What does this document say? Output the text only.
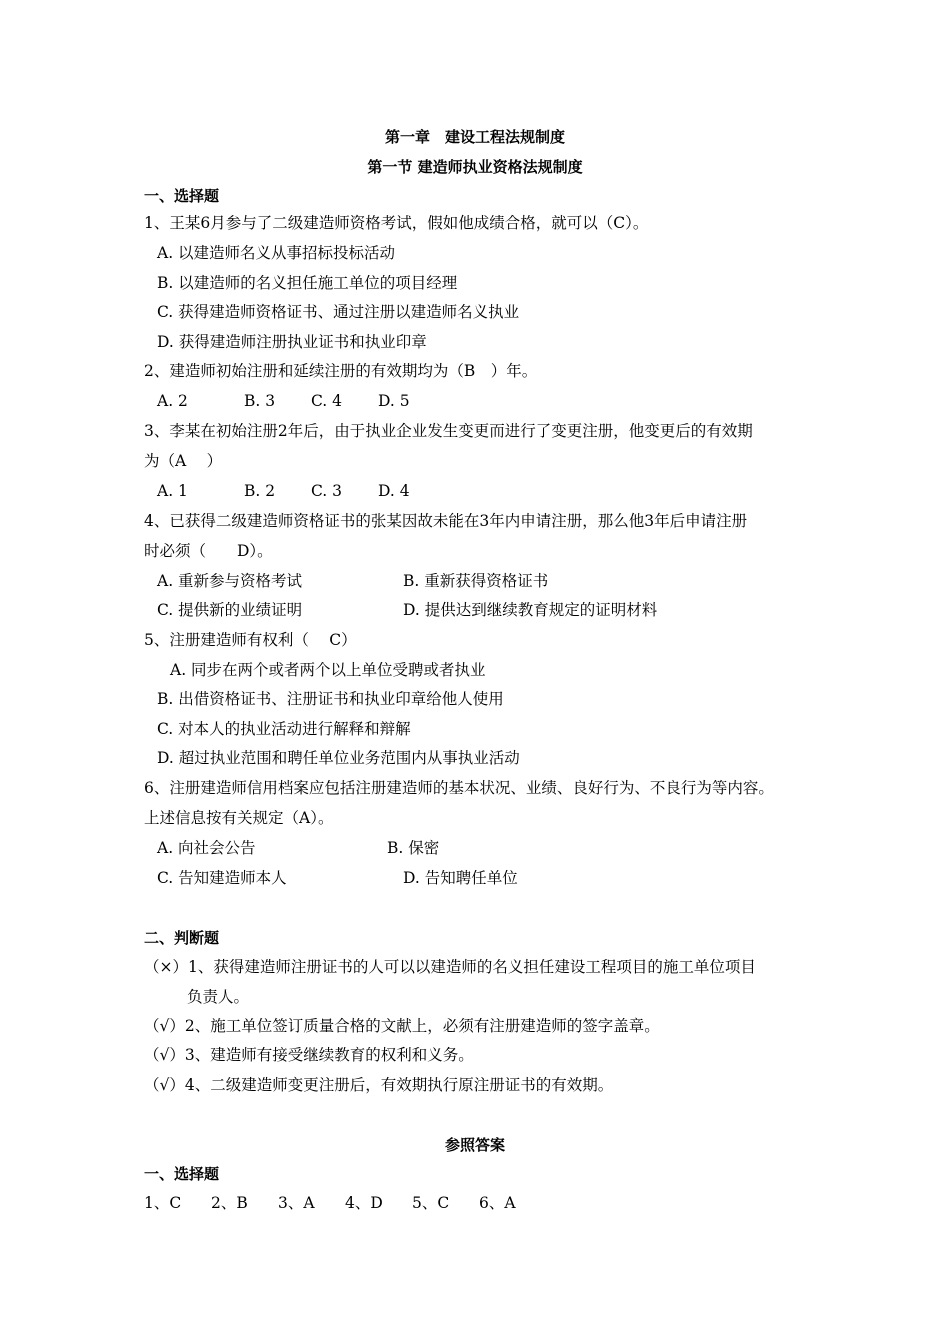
第一章　建设工程法规制度
第一节 建造师执业资格法规制度
一、选择题
1、王某6月参与了二级建造师资格考试，假如他成绩合格，就可以（C）。
A. 以建造师名义从事招标投标活动
B. 以建造师的名义担任施工单位的项目经理
C. 获得建造师资格证书、通过注册以建造师名义执业
D. 获得建造师注册执业证书和执业印章
2、建造师初始注册和延续注册的有效期均为（B　）年。
A. 2	B. 3 C. 4 D. 5
3、李某在初始注册2年后，由于执业企业发生变更而进行了变更注册，他变更后的有效期
为（A　 ）
A. 1	B. 2 C. 3 D. 4
4、已获得二级建造师资格证书的张某因故未能在3年内申请注册，那么他3年后申请注册
时必须（　　D）。
A. 重新参与资格考试	B. 重新获得资格证书
C. 提供新的业绩证明	D. 提供达到继续教育规定的证明材料
5、注册建造师有权利（　 C）
A. 同步在两个或者两个以上单位受聘或者执业
B. 出借资格证书、注册证书和执业印章给他人使用
C. 对本人的执业活动进行解释和辩解
D. 超过执业范围和聘任单位业务范围内从事执业活动
6、注册建造师信用档案应包括注册建造师的基本状况、业绩、良好行为、不良行为等内容。
上述信息按有关规定（A）。
A. 向社会公告	B. 保密
C. 告知建造师本人	D. 告知聘任单位
二、判断题
（×）1、获得建造师注册证书的人可以以建造师的名义担任建设工程项目的施工单位项目
负责人。
（√）2、施工单位签订质量合格的文献上，必须有注册建造师的签字盖章。
（√）3、建造师有接受继续教育的权利和义务。
（√）4、二级建造师变更注册后，有效期执行原注册证书的有效期。
参照答案
一、选择题
1、C 2、B 3、A 4、D 5、C 6、A
